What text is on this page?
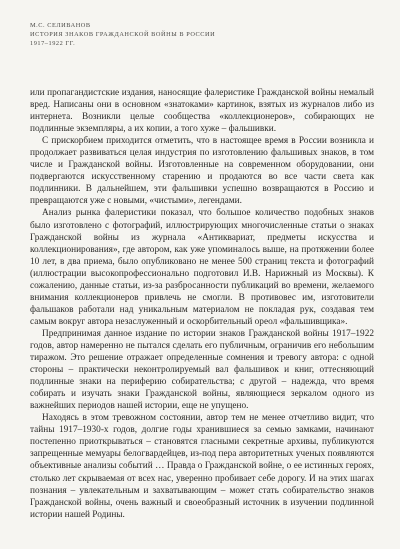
М.С. СЕЛИВАНОВ
ИСТОРИЯ ЗНАКОВ ГРАЖДАНСКОЙ ВОЙНЫ В РОССИИ
1917–1922 ГГ.

или пропагандистские издания, наносящие фалеристике Гражданской войны немалый вред. Написаны они в основном «знатоками» картинок, взятых из журналов либо из интернета. Возникли целые сообщества «коллекционеров», собирающих не подлинные экземпляры, а их копии, а того хуже – фальшивки.

С прискорбием приходится отметить, что в настоящее время в России возникла и продолжает развиваться целая индустрия по изготовлению фальшивых знаков, в том числе и Гражданской войны. Изготовленные на современном оборудовании, они подвергаются искусственному старению и продаются во все части света как подлинники. В дальнейшем, эти фальшивки успешно возвращаются в Россию и превращаются уже с новыми, «чистыми», легендами.

Анализ рынка фалеристики показал, что большое количество подобных знаков было изготовлено с фотографий, иллюстрирующих многочисленные статьи о знаках Гражданской войны из журнала «Антиквариат, предметы искусства и коллекционирования», где автором, как уже упоминалось выше, на протяжении более 10 лет, в два приема, было опубликовано не менее 500 страниц текста и фотографий (иллюстрации высокопрофессионально подготовил И.В. Нарижный из Москвы). К сожалению, данные статьи, из-за разбросанности публикаций во времени, желаемого внимания коллекционеров привлечь не смогли. В противовес им, изготовители фальшаков работали над уникальным материалом не покладая рук, создавая тем самым вокруг автора незаслуженный и оскорбительный ореол «фальшивщика».

Предпринимая данное издание по истории знаков Гражданской войны 1917–1922 годов, автор намеренно не пытался сделать его публичным, ограничив его небольшим тиражом. Это решение отражает определенные сомнения и тревогу автора: с одной стороны – практически неконтролируемый вал фальшивок и книг, оттесняющий подлинные знаки на периферию собирательства; с другой – надежда, что время собирать и изучать знаки Гражданской войны, являющиеся зеркалом одного из важнейших периодов нашей истории, еще не упущено.

Находясь в этом тревожном состоянии, автор тем не менее отчетливо видит, что тайны 1917–1930-х годов, долгие годы хранившиеся за семью замками, начинают постепенно приоткрываться – становятся гласными секретные архивы, публикуются запрещенные мемуары белогвардейцев, из-под пера авторитетных ученых появляются объективные анализы событий … Правда о Гражданской войне, о ее истинных героях, столько лет скрываемая от всех нас, уверенно пробивает себе дорогу. И на этих шагах познания – увлекательным и захватывающим – может стать собирательство знаков Гражданской войны, очень важный и своеобразный источник в изучении подлинной истории нашей Родины.
